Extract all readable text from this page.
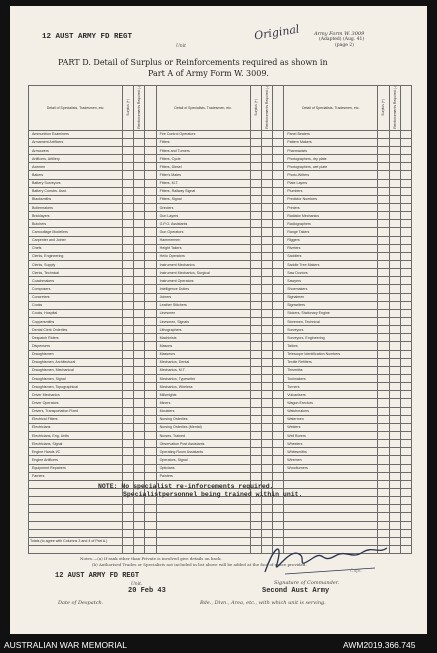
12 AUST ARMY FD REGT
Unit
Original	Army Form W. 3009
(Adapted) (Aug. 41)
(page 2)
PART D. Detail of Surplus or Reinforcements required as shown in
Part A of Army Form W. 3009.
Detail of Specialists, Tradesmen, etc.	Surplus (+)	Reinforcements Required (-)		Detail of Specialists, Tradesmen, etc.	Surplus (+)	Reinforcements Required (-)		Detail of Specialists, Tradesmen, etc.	Surplus (+)	Reinforcements Required (-)	
Ammunition Examiners				Fire Control Operators				Panel Beaters			
Armament Artificers				Fitters				Pattern Makers			
Armourers				Fitters and Turners				Pharmacists			
Artificers, Artillery				Fitters, Cycle				Photographers, dry plate			
Axemen				Fitters, Diesel				Photographers, wet plate			
Bakers				Fitter's Mates				Photo-Writers			
Battery Surveyors				Fitters, M.T.				Plate Layers			
Battery Comdrs. Asst.				Fitters, Railway Signal				Plumbers			
Blacksmiths				Fitters, Signal				Predictor Numbers			
Boilermakers				Grinders				Printers			
Bricklayers				Gun Layers				Radiator Mechanics			
Butchers				G.P.O. Assistants				Radiographers			
Camouflage Modellers				Gun Operators				Range Takers			
Carpenter and Joiner				Hammermen				Riggers			
Chefs				Height Takers				Riveters			
Clerks, Engineering				Helio Operators				Saddlers			
Clerks, Supply				Instrument Mechanics				Saddle Tree Makers			
Clerks, Technical				Instrument Mechanics, Surgical				Saw Doctors			
Coachmakers				Instrument Operators				Sawyers			
Composers				Intelligence Duties				Shoemakers			
Concreters				Joiners				Signalmen			
Cooks				Leather Stitchers				Signwriters			
Cooks, Hospital				Linesmen				Stokers, Stationary Engine			
Coppersmiths				Linesmen, Signals				Storemen, Technical			
Dental Clerk Orderlies				Lithographers				Surveyors			
Despatch Riders				Machinists				Surveyors, Engineering			
Dispensers				Masons				Tailors			
Draughtsmen				Masseurs				Telescope Identification Numbers			
Draughtsmen, Architectural				Mechanics, Dental				Textile Refitters			
Draughtsmen, Mechanical				Mechanics, M.T.				Tinsmiths			
Draughtsmen, Signal				Mechanics, Typewriter				Toolmakers			
Draughtsmen, Topographical				Mechanics, Wireless				Turners			
Driver Mechanics				Millwrights				Vulcanisers			
Driver Operators				Miners				Wagon Erectors			
Drivers, Transportation Fixed				Moulders				Watchmakers			
Electrical Fitters				Nursing Orderlies				Watermen			
Electricians				Nursing Orderlies (Mental)				Welders			
Electricians, Eng. Units				Nurses, Trained				Well Borers			
Electricians, Signal				Observation Post Assistants				Wheelers			
Engine Hands I/C				Operating Room Assistants				Whitesmiths			
Engine Artificers				Operators, Signal				Wiremen			
Equipment Repairers				Opticians				Woodturners			
Farriers				Painters							

NOTE: No specialist re-inforcements required.
Specialistpersonnel being trained within unit.
Totals (to agree with Columns 3 and 4 of Part A.)
Notes.—(a) If rank other than Private is involved give details on back.
(b) Authorised Trades or Specialists not included in list above will be added at the foot of space provided.
12 AUST ARMY FD REGT
Unit.
20 Feb 43
Date of Despatch.
Capt.
Signature of Commander.
Second Aust Army
Bde., Divn., Area, etc., with which unit is serving.
AUSTRALIAN WAR MEMORIAL	AWM2019.366.745
